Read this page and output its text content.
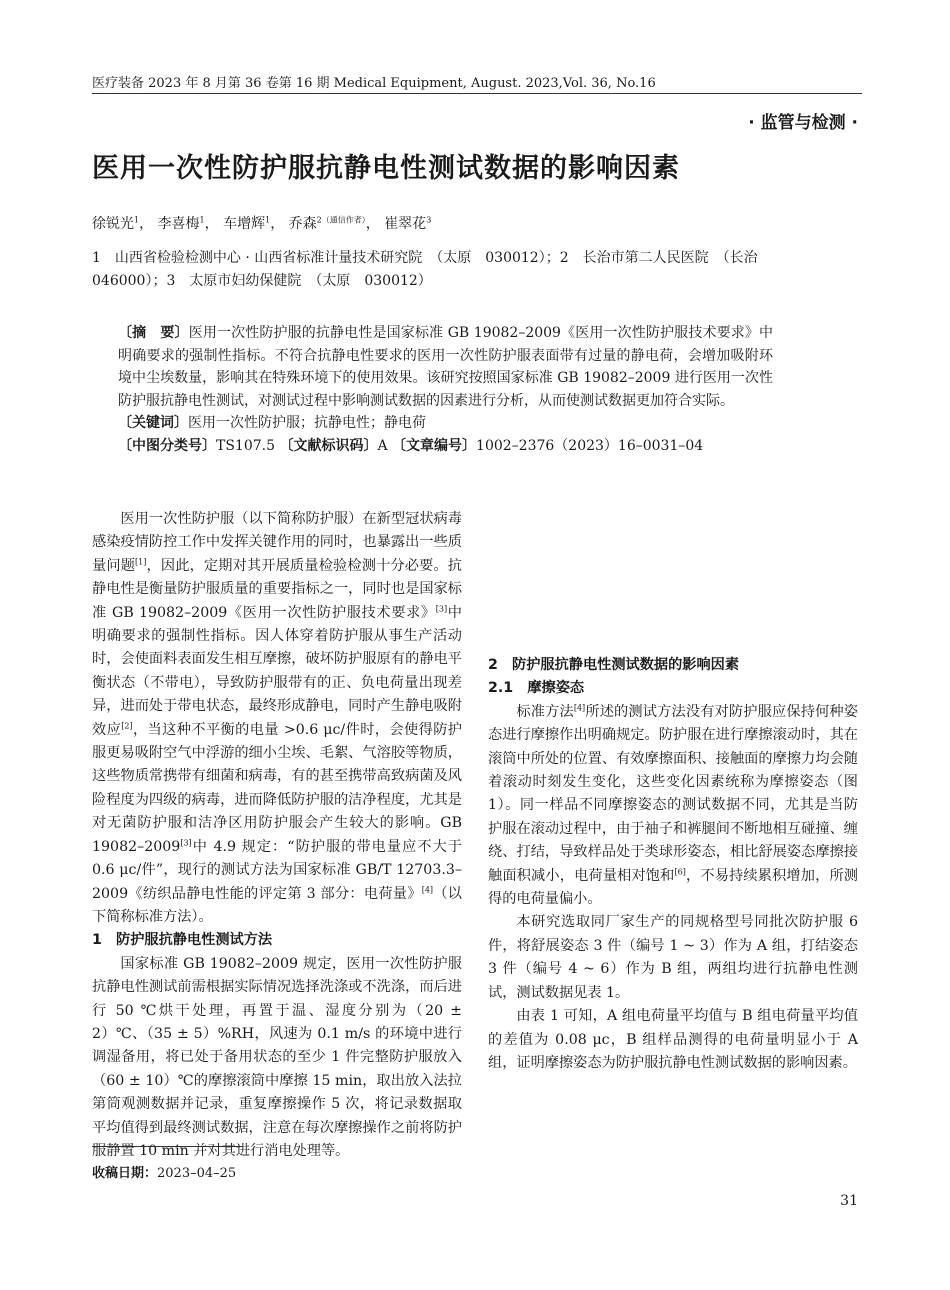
医疗装备 2023 年 8 月第 36 卷第 16 期 Medical Equipment, August. 2023,Vol. 36, No.16
· 监管与检测 ·
医用一次性防护服抗静电性测试数据的影响因素
徐锐光$^1$， 李喜梅$^1$， 车增辉$^1$， 乔森$^{2(通信作者)}$， 崔翠花$^3$
1　山西省检验检测中心 · 山西省标准计量技术研究院　（太原　030012）；2　长治市第二人民医院　（长治　046000）；3　太原市妇幼保健院　（太原　030012）

〔摘　要〕医用一次性防护服的抗静电性是国家标准 GB 19082–2009《医用一次性防护服技术要求》中明确要求的强制性指标。不符合抗静电性要求的医用一次性防护服表面带有过量的静电荷，会增加吸附环境中尘埃数量，影响其在特殊环境下的使用效果。该研究按照国家标准 GB 19082–2009 进行医用一次性防护服抗静电性测试，对测试过程中影响测试数据的因素进行分析，从而使测试数据更加符合实际。

〔关键词〕医用一次性防护服；抗静电性；静电荷

〔中图分类号〕TS107.5 〔文献标识码〕A 〔文章编号〕1002–2376（2023）16–0031–04

医用一次性防护服（以下简称防护服）在新型冠状病毒感染疫情防控工作中发挥关键作用的同时，也暴露出一些质量问题[1]，因此，定期对其开展质量检验检测十分必要。抗静电性是衡量防护服质量的重要指标之一，同时也是国家标准 GB 19082–2009《医用一次性防护服技术要求》[3]中明确要求的强制性指标。因人体穿着防护服从事生产活动时，会使面料表面发生相互摩擦，破坏防护服原有的静电平衡状态（不带电），导致防护服带有的正、负电荷量出现差异，进而处于带电状态，最终形成静电，同时产生静电吸附效应[2]，当这种不平衡的电量 >0.6 μc/件时，会使得防护服更易吸附空气中浮游的细小尘埃、毛絮、气溶胶等物质，这些物质常携带有细菌和病毒，有的甚至携带高致病菌及风险程度为四级的病毒，进而降低防护服的洁净程度，尤其是对无菌防护服和洁净区用防护服会产生较大的影响。GB 19082–2009[3]中 4.9 规定：“防护服的带电量应不大于 0.6 μc/件”，现行的测试方法为国家标准 GB/T 12703.3–2009《纺织品静电性能的评定第 3 部分：电荷量》[4]（以下简称标准方法）。

1　防护服抗静电性测试方法

国家标准 GB 19082–2009 规定，医用一次性防护服抗静电性测试前需根据实际情况选择洗涤或不洗涤，而后进行 50 ℃烘干处理，再置于温、湿度分别为（20 ± 2）℃、（35 ± 5）%RH，风速为 0.1 m/s 的环境中进行调湿备用，将已处于备用状态的至少 1 件完整防护服放入（60 ± 10）℃的摩擦滚筒中摩擦 15 min，取出放入法拉第筒观测数据并记录，重复摩擦操作 5 次，将记录数据取平均值得到最终测试数据，注意在每次摩擦操作之前将防护服静置 10 min 并对其进行消电处理等。

2　防护服抗静电性测试数据的影响因素
2.1　摩擦姿态

标准方法[4]所述的测试方法没有对防护服应保持何种姿态进行摩擦作出明确规定。防护服在进行摩擦滚动时，其在滚筒中所处的位置、有效摩擦面积、接触面的摩擦力均会随着滚动时刻发生变化，这些变化因素统称为摩擦姿态（图 1）。同一样品不同摩擦姿态的测试数据不同，尤其是当防护服在滚动过程中，由于袖子和裤腿间不断地相互碰撞、缠绕、打结，导致样品处于类球形姿态，相比舒展姿态摩擦接触面积减小，电荷量相对饱和[6]，不易持续累积增加，所测得的电荷量偏小。

本研究选取同厂家生产的同规格型号同批次防护服 6 件，将舒展姿态 3 件（编号 1 ~ 3）作为 A 组，打结姿态 3 件（编号 4 ~ 6）作为 B 组，两组均进行抗静电性测试，测试数据见表 1。

由表 1 可知，A 组电荷量平均值与 B 组电荷量平均值的差值为 0.08 μc，B 组样品测得的电荷量明显小于 A 组，证明摩擦姿态为防护服抗静电性测试数据的影响因素。

收稿日期：2023–04–25
31
